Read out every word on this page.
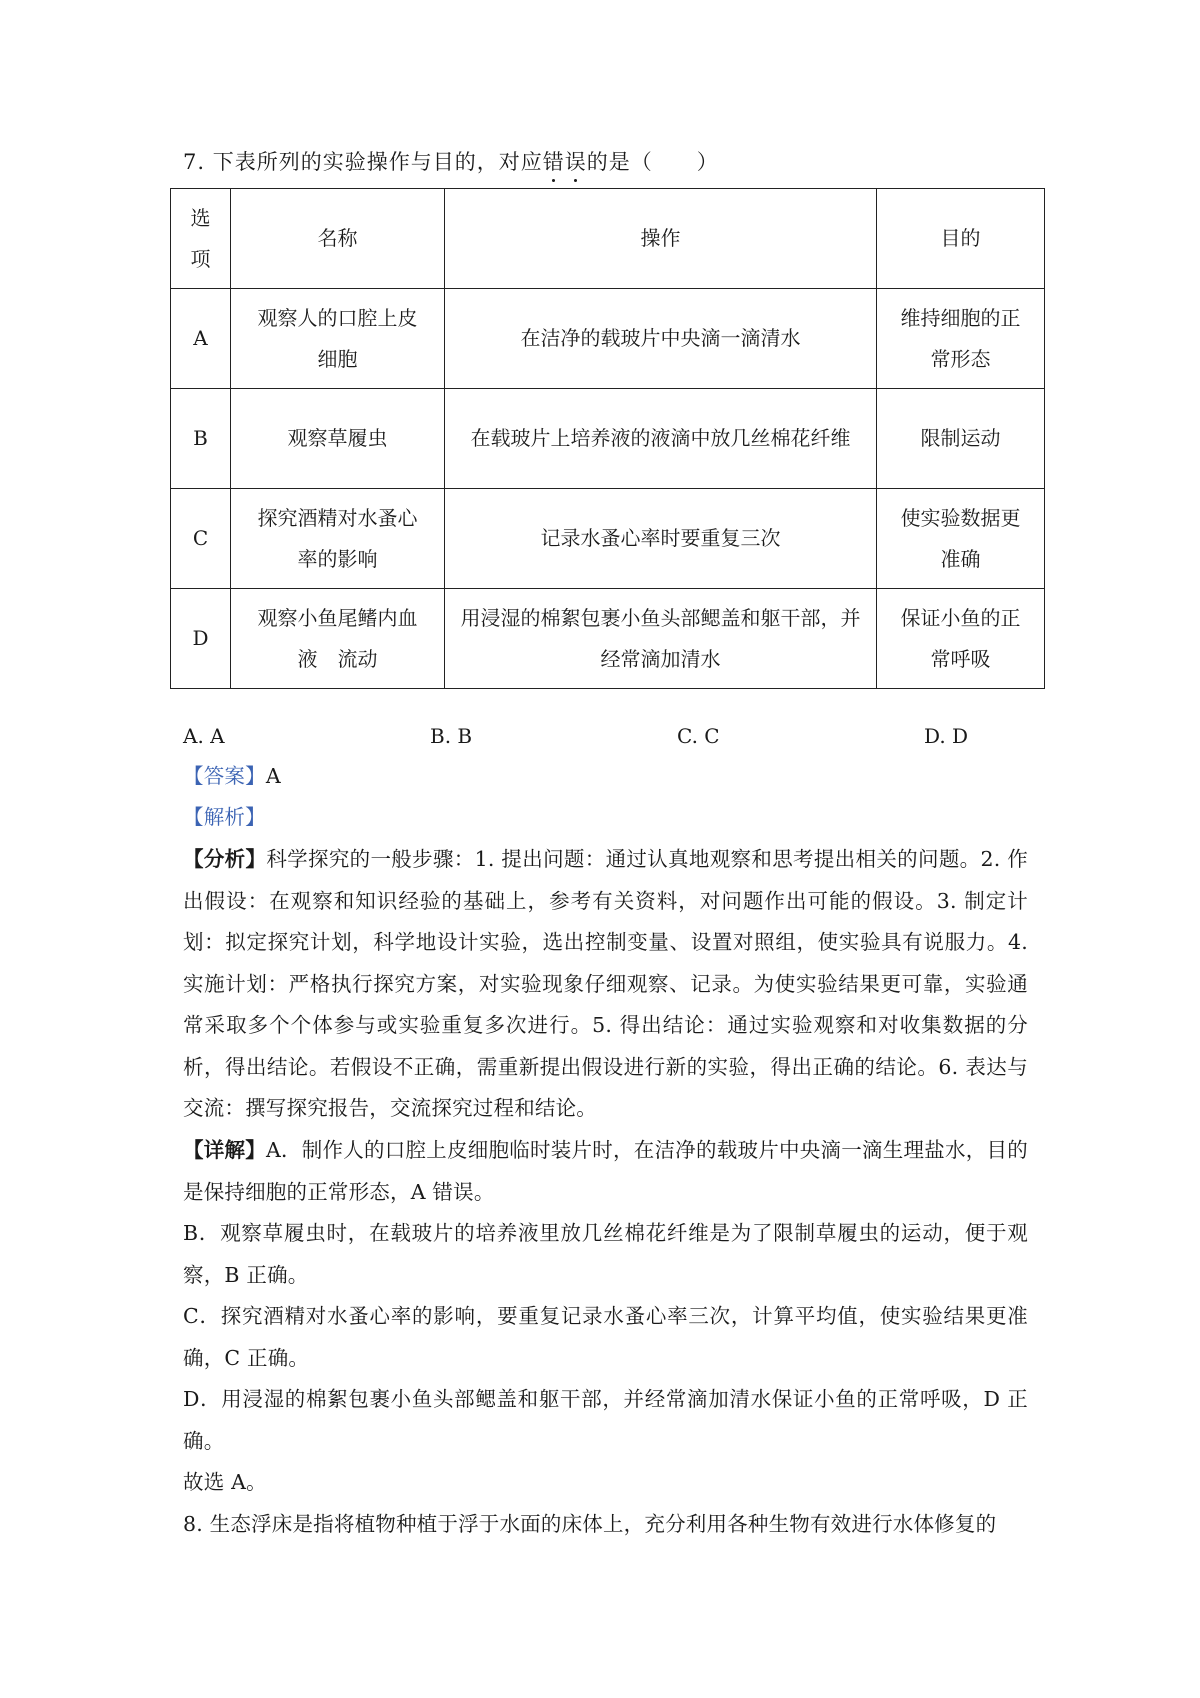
7. 下表所列的实验操作与目的，对应错误的是（　　）
选项	名称	操作	目的
A	观察人的口腔上皮细胞	在洁净的载玻片中央滴一滴清水	维持细胞的正常形态
B	观察草履虫	在载玻片上培养液的液滴中放几丝棉花纤维	限制运动
C	探究酒精对水蚤心率的影响	记录水蚤心率时要重复三次	使实验数据更准确
D	观察小鱼尾鳍内血液　流动	用浸湿的棉絮包裹小鱼头部鳃盖和躯干部，并经常滴加清水	保证小鱼的正常呼吸
A. A	B. B	C. C	D. D
【答案】A
【解析】
【分析】科学探究的一般步骤：1. 提出问题：通过认真地观察和思考提出相关的问题。2. 作出假设：在观察和知识经验的基础上，参考有关资料，对问题作出可能的假设。3. 制定计划：拟定探究计划，科学地设计实验，选出控制变量、设置对照组，使实验具有说服力。4. 实施计划：严格执行探究方案，对实验现象仔细观察、记录。为使实验结果更可靠，实验通常采取多个个体参与或实验重复多次进行。5. 得出结论：通过实验观察和对收集数据的分析，得出结论。若假设不正确，需重新提出假设进行新的实验，得出正确的结论。6. 表达与交流：撰写探究报告，交流探究过程和结论。
【详解】A．制作人的口腔上皮细胞临时装片时，在洁净的载玻片中央滴一滴生理盐水，目的是保持细胞的正常形态，A 错误。
B．观察草履虫时，在载玻片的培养液里放几丝棉花纤维是为了限制草履虫的运动，便于观察，B 正确。
C．探究酒精对水蚤心率的影响，要重复记录水蚤心率三次，计算平均值，使实验结果更准确，C 正确。
D．用浸湿的棉絮包裹小鱼头部鳃盖和躯干部，并经常滴加清水保证小鱼的正常呼吸，D 正确。
故选 A。
8. 生态浮床是指将植物种植于浮于水面的床体上，充分利用各种生物有效进行水体修复的
